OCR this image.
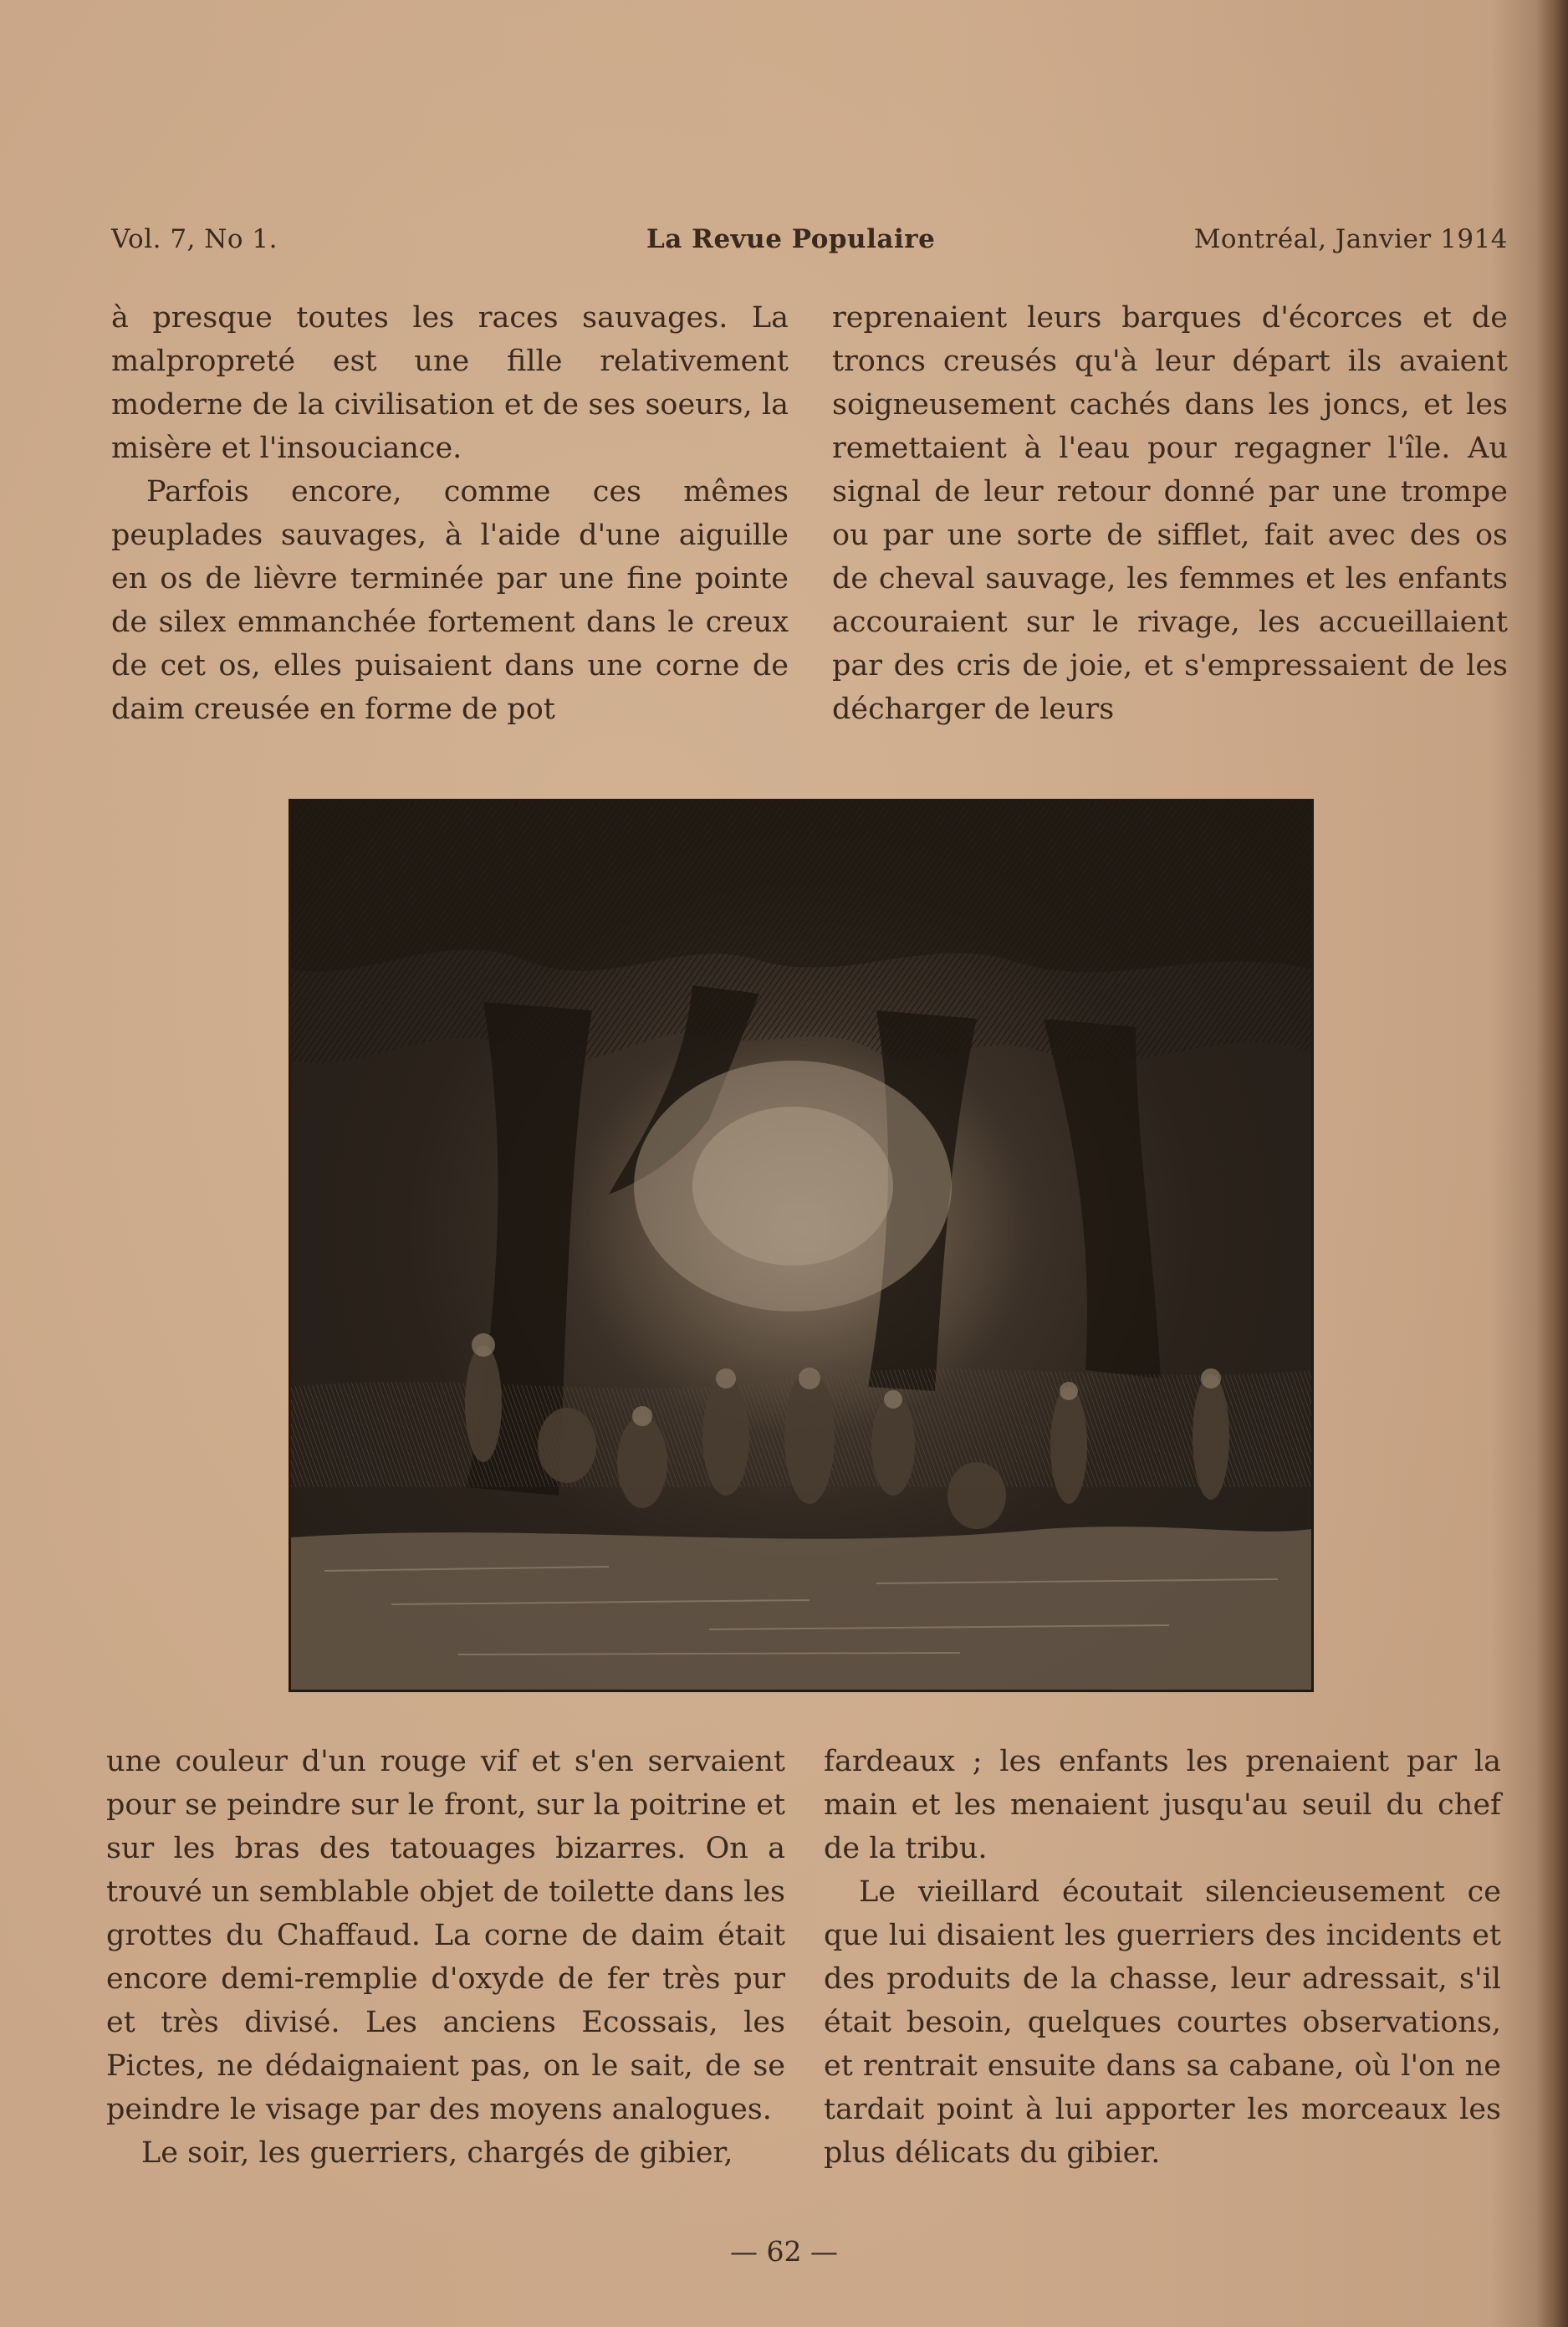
Vol. 7, No 1.	La Revue Populaire	Montréal, Janvier 1914

à presque toutes les races sauvages. La malpropreté est une fille relativement moderne de la civilisation et de ses soeurs, la misère et l'insouciance.

Parfois encore, comme ces mêmes peuplades sauvages, à l'aide d'une aiguille en os de lièvre terminée par une fine pointe de silex emmanchée fortement dans le creux de cet os, elles puisaient dans une corne de daim creusée en forme de pot

reprenaient leurs barques d'écorces et de troncs creusés qu'à leur départ ils avaient soigneusement cachés dans les joncs, et les remettaient à l'eau pour regagner l'île. Au signal de leur retour donné par une trompe ou par une sorte de sifflet, fait avec des os de cheval sauvage, les femmes et les enfants accouraient sur le rivage, les accueillaient par des cris de joie, et s'empressaient de les décharger de leurs

une couleur d'un rouge vif et s'en servaient pour se peindre sur le front, sur la poitrine et sur les bras des tatouages bizarres. On a trouvé un semblable objet de toilette dans les grottes du Chaffaud. La corne de daim était encore demi-remplie d'oxyde de fer très pur et très divisé. Les anciens Ecossais, les Pictes, ne dédaignaient pas, on le sait, de se peindre le visage par des moyens analogues.

Le soir, les guerriers, chargés de gibier,

fardeaux ; les enfants les prenaient par la main et les menaient jusqu'au seuil du chef de la tribu.

Le vieillard écoutait silencieusement ce que lui disaient les guerriers des incidents et des produits de la chasse, leur adressait, s'il était besoin, quelques courtes observations, et rentrait ensuite dans sa cabane, où l'on ne tardait point à lui apporter les morceaux les plus délicats du gibier.

— 62 —
